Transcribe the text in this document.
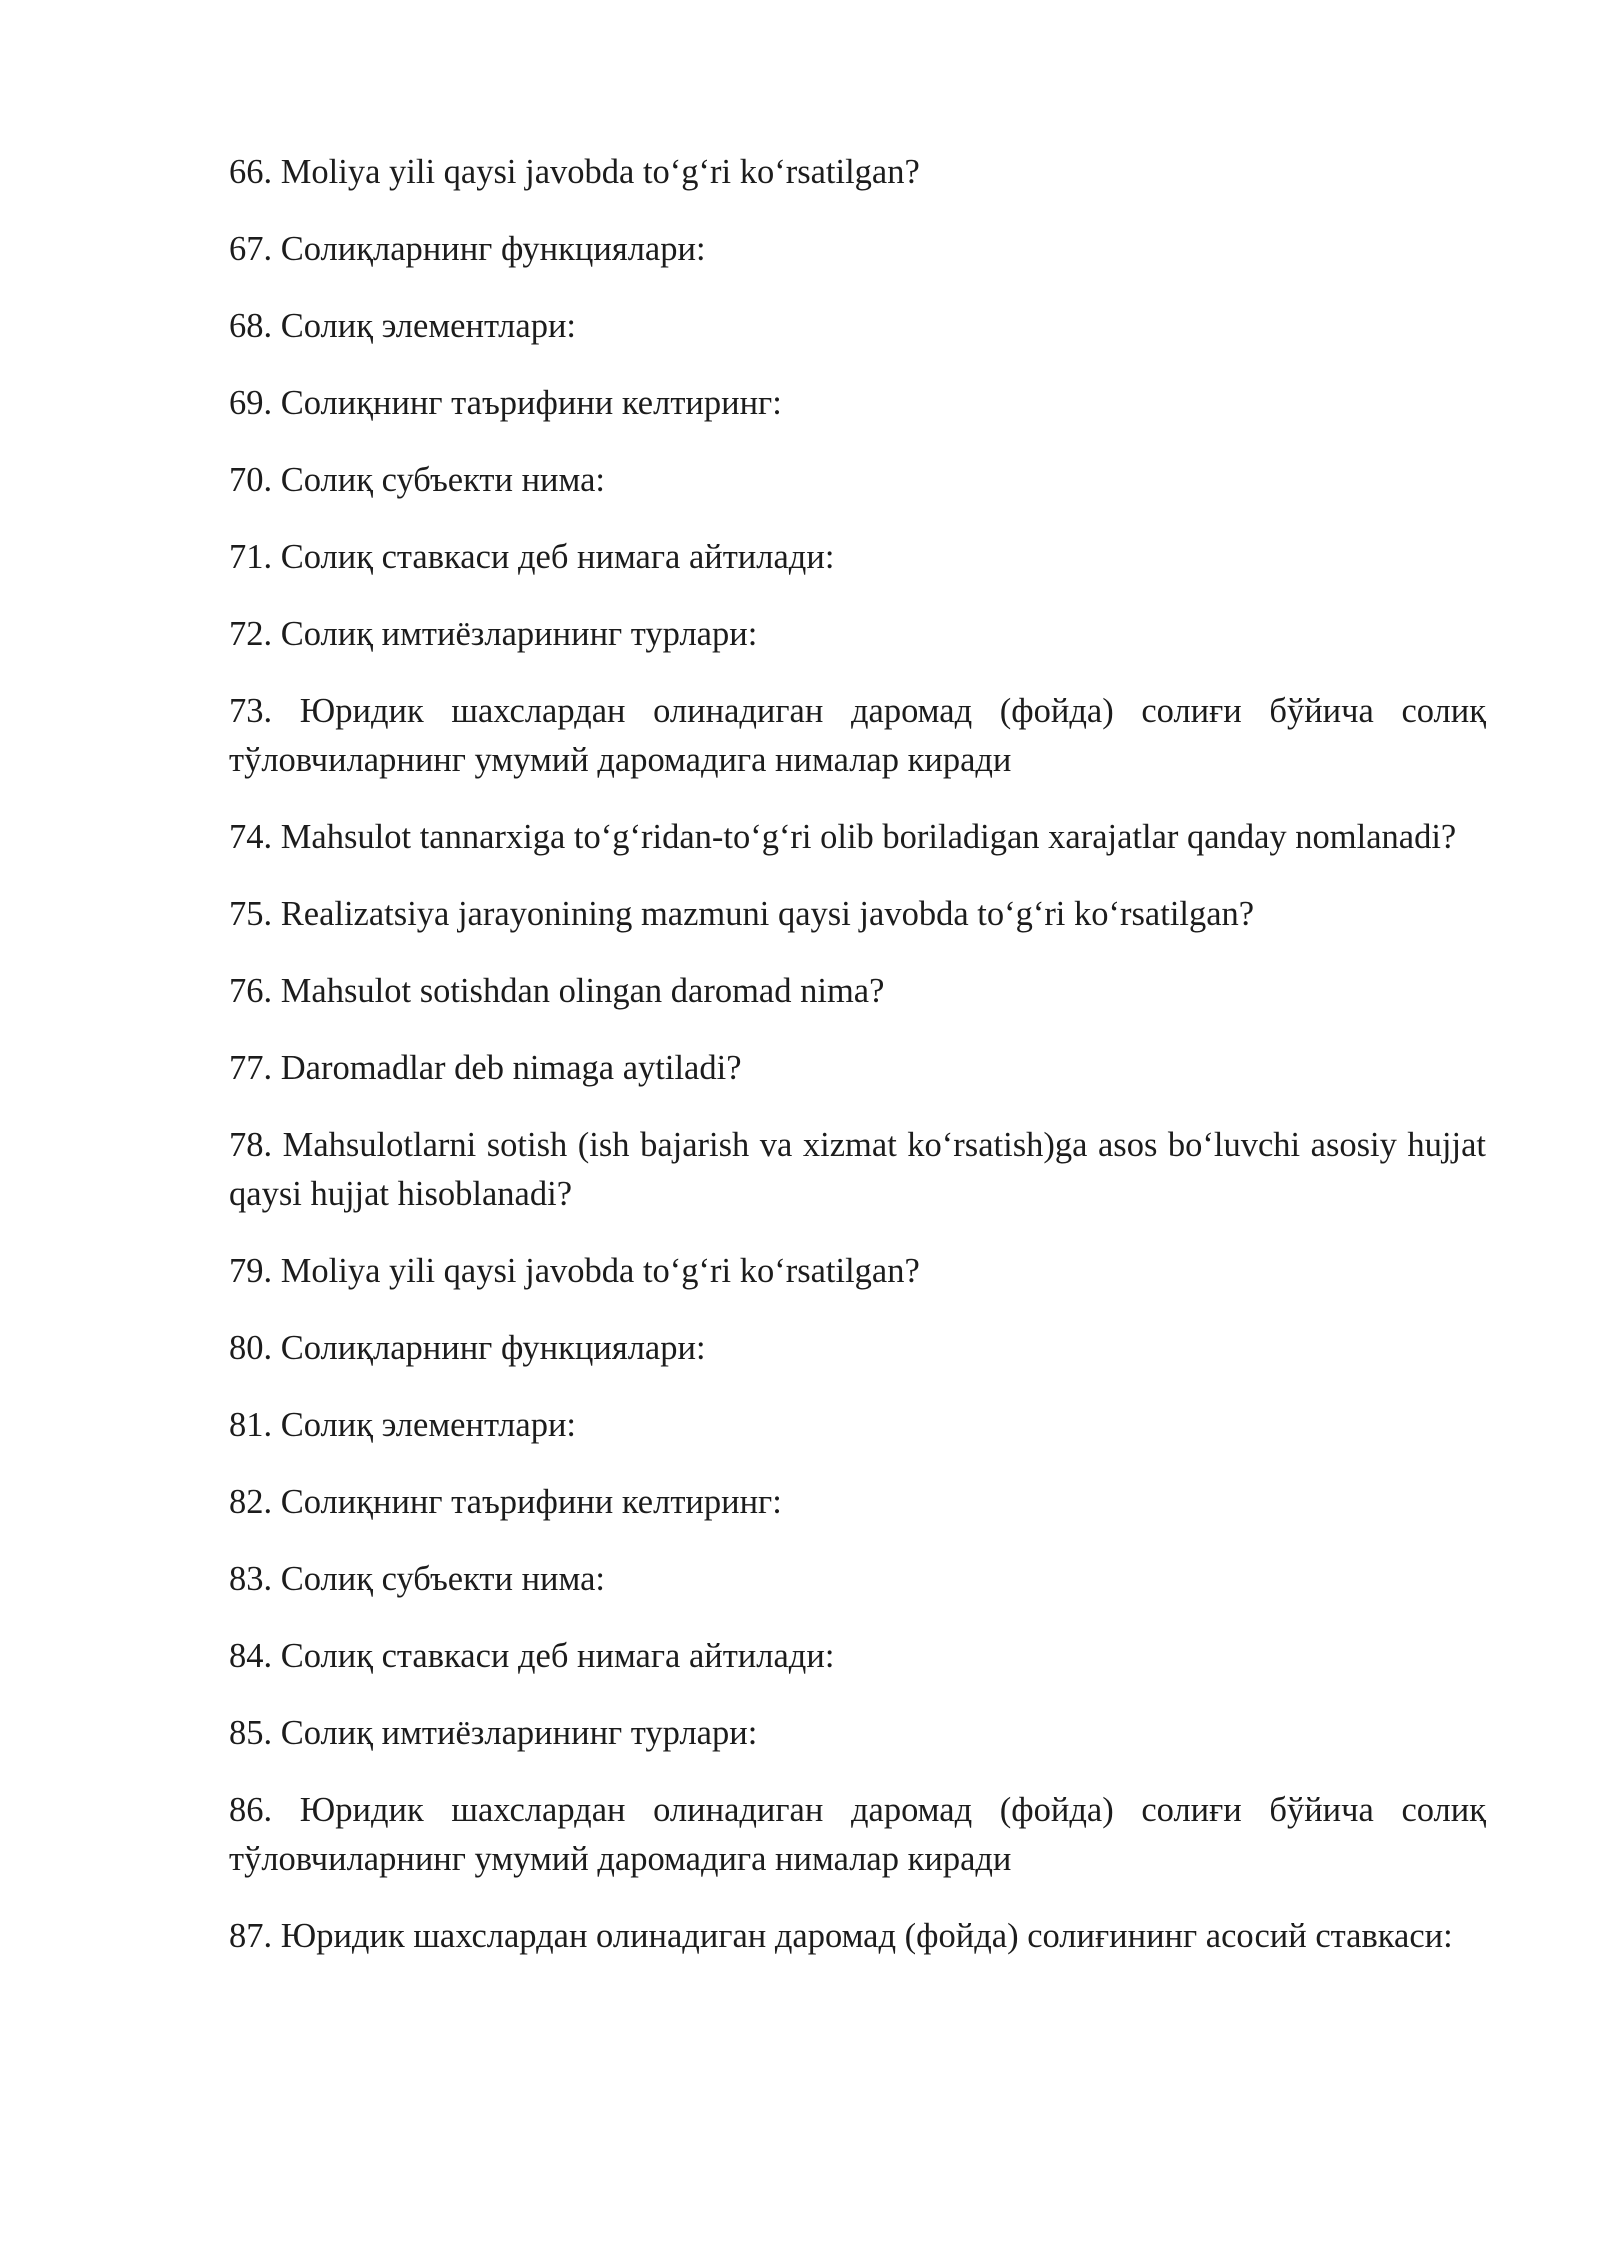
66. Moliya yili qaysi javobda to‘g‘ri ko‘rsatilgan?

67. Солиқларнинг функциялари:

68. Солиқ элементлари:

69. Солиқнинг таърифини келтиринг:

70. Солиқ субъекти нима:

71. Солиқ ставкаси деб нимага айтилади:

72. Солиқ имтиёзларининг турлари:

73. Юридик шахслардан олинадиган даромад (фойда) солиғи бўйича солиқ тўловчиларнинг умумий даромадига нималар киради

74. Mahsulot tannarxiga to‘g‘ridan-to‘g‘ri olib boriladigan xarajatlar qanday nomlanadi?

75. Realizatsiya jarayonining mazmuni qaysi javobda to‘g‘ri ko‘rsatilgan?

76. Mahsulot sotishdan olingan daromad nima?

77. Daromadlar deb nimaga aytiladi?

78. Mahsulotlarni sotish (ish bajarish va xizmat ko‘rsatish)ga asos bo‘luvchi asosiy hujjat qaysi hujjat hisoblanadi?

79. Moliya yili qaysi javobda to‘g‘ri ko‘rsatilgan?

80. Солиқларнинг функциялари:

81. Солиқ элементлари:

82. Солиқнинг таърифини келтиринг:

83. Солиқ субъекти нима:

84. Солиқ ставкаси деб нимага айтилади:

85. Солиқ имтиёзларининг турлари:

86. Юридик шахслардан олинадиган даромад (фойда) солиғи бўйича солиқ тўловчиларнинг умумий даромадига нималар киради

87. Юридик шахслардан олинадиган даромад (фойда) солиғининг асосий ставкаси:
